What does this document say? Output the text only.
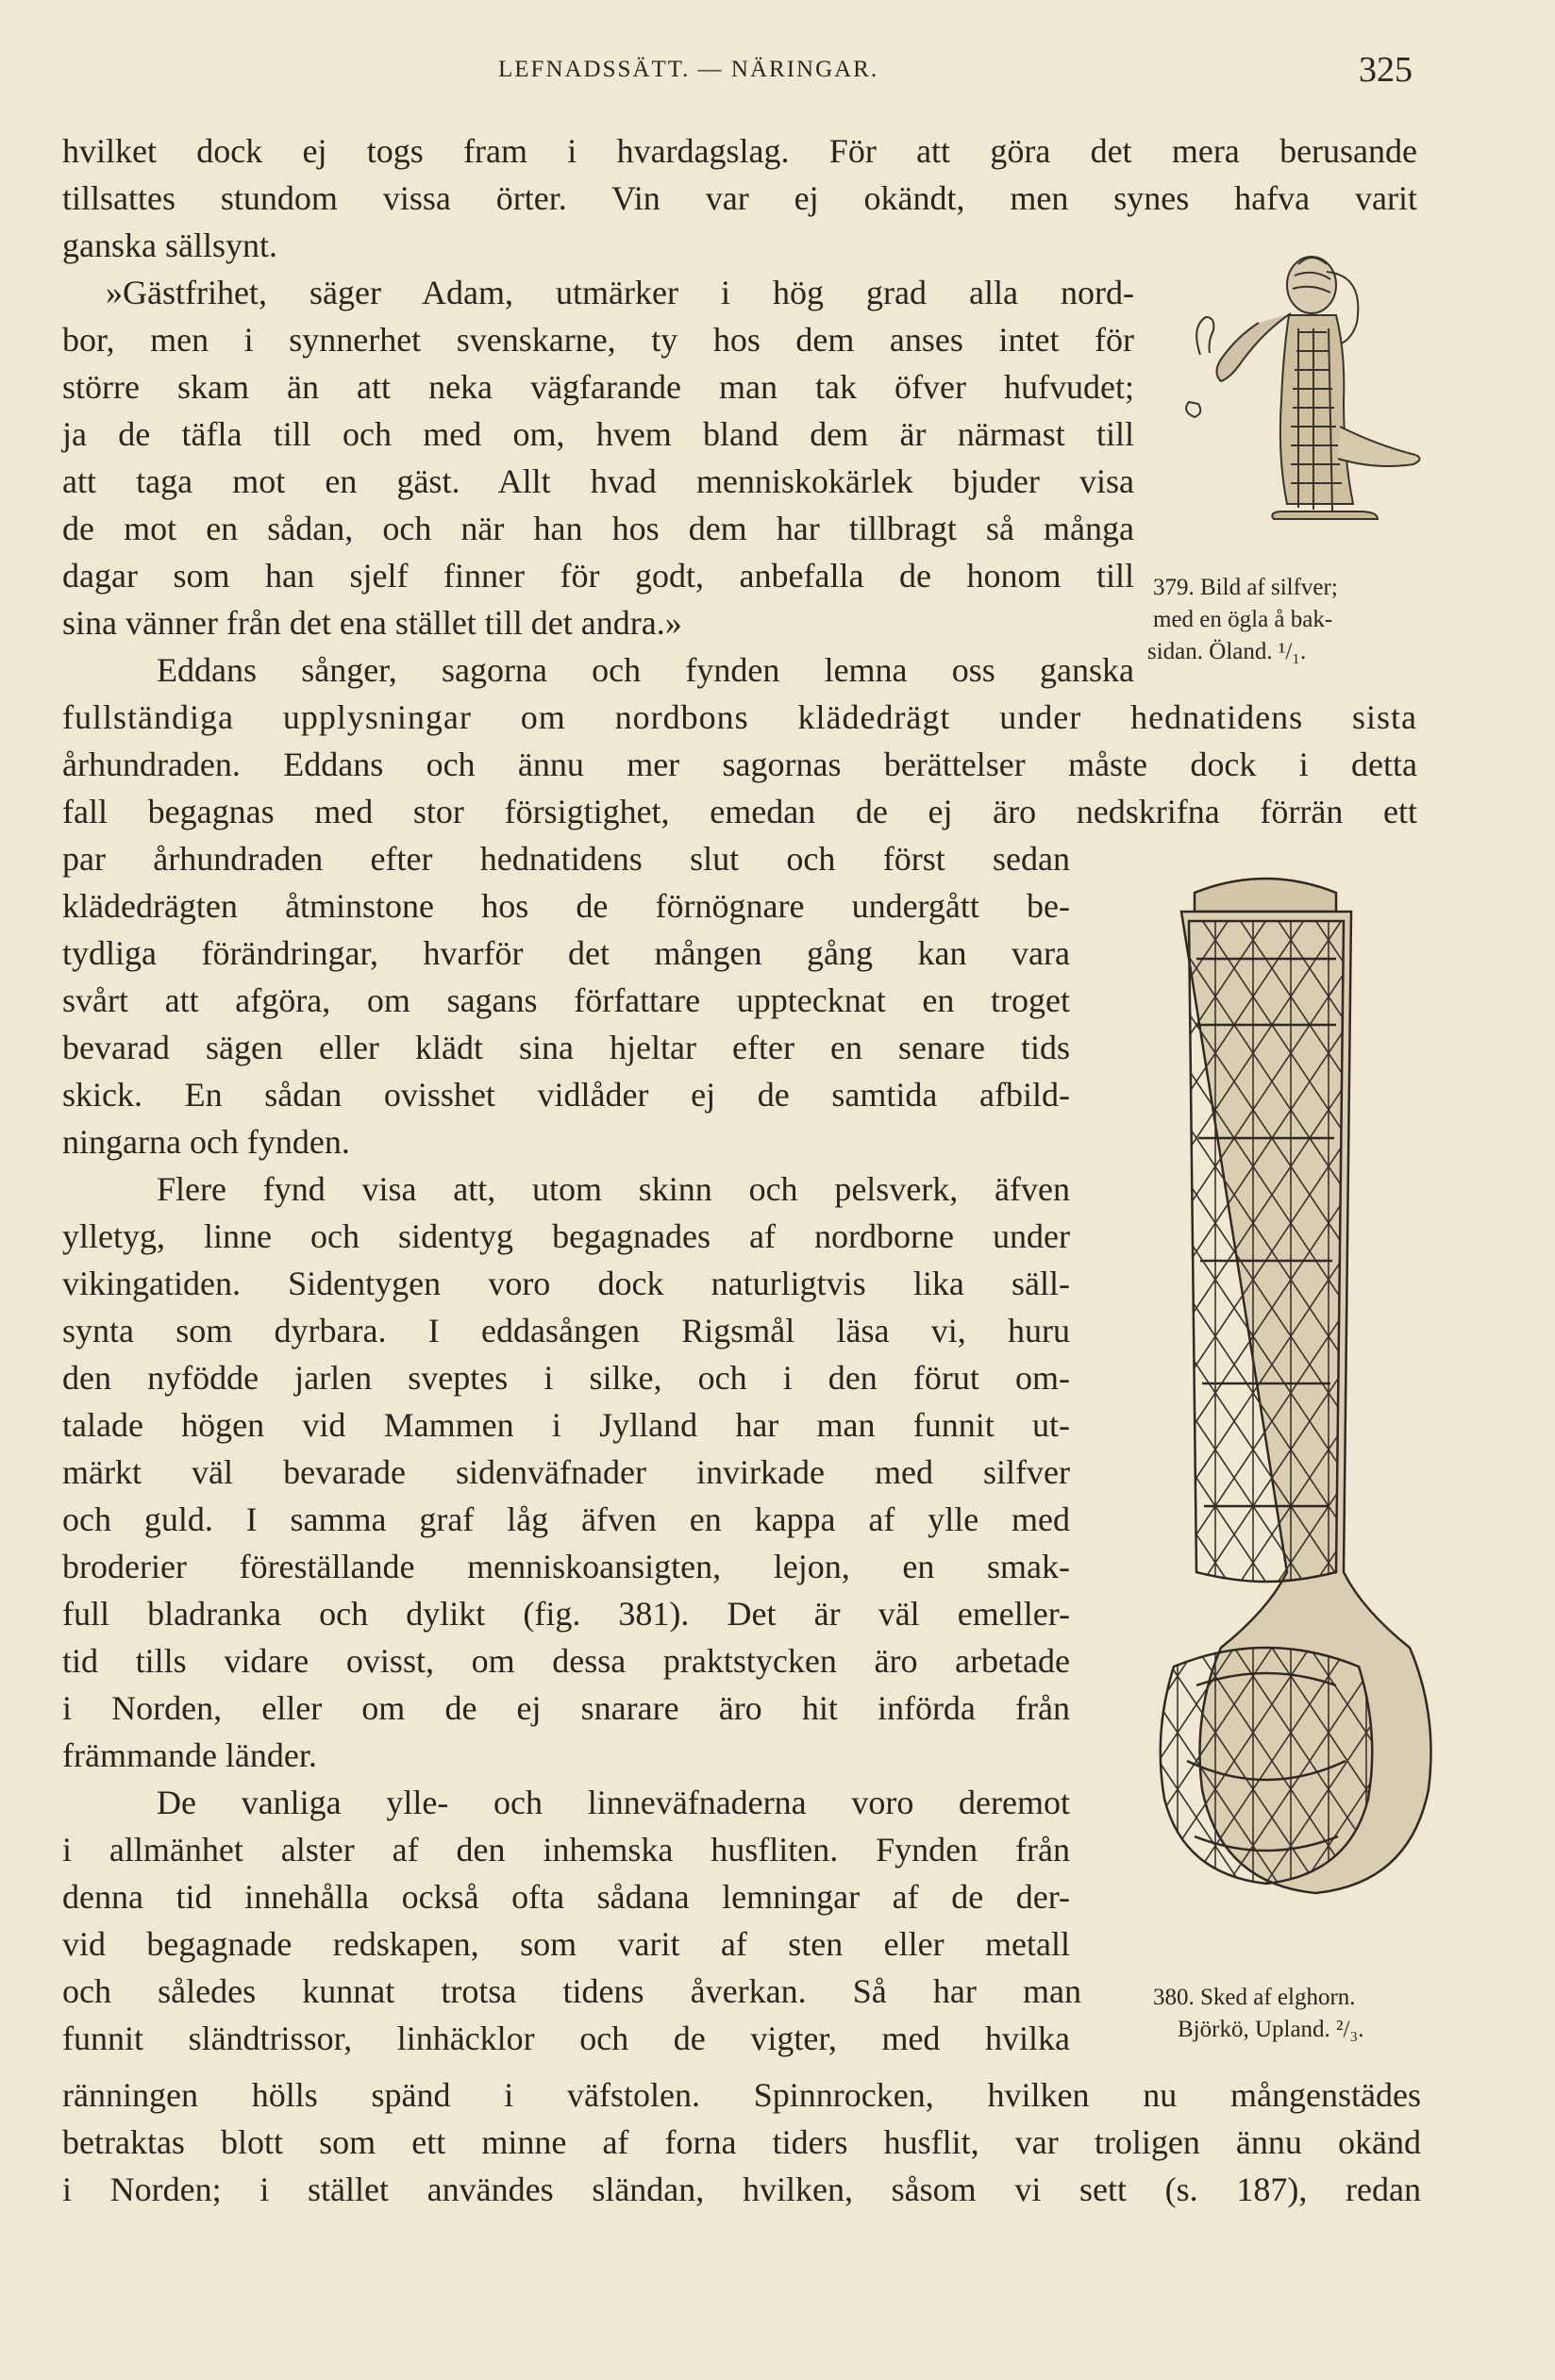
LEFNADSSÄTT. — NÄRINGAR.	325
hvilket dock ej togs fram i hvardagslag. För att göra det mera berusande
tillsattes stundom vissa örter. Vin var ej okändt, men synes hafva varit
ganska sällsynt.
»Gästfrihet, säger Adam, utmärker i hög grad alla nord-
bor, men i synnerhet svenskarne, ty hos dem anses intet för
större skam än att neka vägfarande man tak öfver hufvudet;
ja de täfla till och med om, hvem bland dem är närmast till
att taga mot en gäst. Allt hvad menniskokärlek bjuder visa
de mot en sådan, och när han hos dem har tillbragt så många
dagar som han sjelf finner för godt, anbefalla de honom till
sina vänner från det ena stället till det andra.»
Eddans sånger, sagorna och fynden lemna oss ganska
fullständiga upplysningar om nordbons klädedrägt under hednatidens sista
århundraden. Eddans och ännu mer sagornas berättelser måste dock i detta
fall begagnas med stor försigtighet, emedan de ej äro nedskrifna förrän ett
par århundraden efter hednatidens slut och först sedan
klädedrägten åtminstone hos de förnögnare undergått be-
tydliga förändringar, hvarför det mången gång kan vara
svårt att afgöra, om sagans författare upptecknat en troget
bevarad sägen eller klädt sina hjeltar efter en senare tids
skick. En sådan ovisshet vidlåder ej de samtida afbild-
ningarna och fynden.
Flere fynd visa att, utom skinn och pelsverk, äfven
ylletyg, linne och sidentyg begagnades af nordborne under
vikingatiden. Sidentygen voro dock naturligtvis lika säll-
synta som dyrbara. I eddasången Rigsmål läsa vi, huru
den nyfödde jarlen sveptes i silke, och i den förut om-
talade högen vid Mammen i Jylland har man funnit ut-
märkt väl bevarade sidenväfnader invirkade med silfver
och guld. I samma graf låg äfven en kappa af ylle med
broderier föreställande menniskoansigten, lejon, en smak-
full bladranka och dylikt (fig. 381). Det är väl emeller-
tid tills vidare ovisst, om dessa praktstycken äro arbetade
i Norden, eller om de ej snarare äro hit införda från
främmande länder.
De vanliga ylle- och linneväfnaderna voro deremot
i allmänhet alster af den inhemska husfliten. Fynden från
denna tid innehålla också ofta sådana lemningar af de der-
vid begagnade redskapen, som varit af sten eller metall
och således kunnat trotsa tidens åverkan. Så har man
funnit sländtrissor, linhäcklor och de vigter, med hvilka
ränningen hölls spänd i väfstolen. Spinnrocken, hvilken nu mångenstädes
betraktas blott som ett minne af forna tiders husflit, var troligen ännu okänd
i Norden; i stället användes sländan, hvilken, såsom vi sett (s. 187), redan
379. Bild af silfver;
med en ögla å bak-
sidan. Öland. ¹/₁.
380. Sked af elghorn.
Björkö, Upland. ²/₃.
